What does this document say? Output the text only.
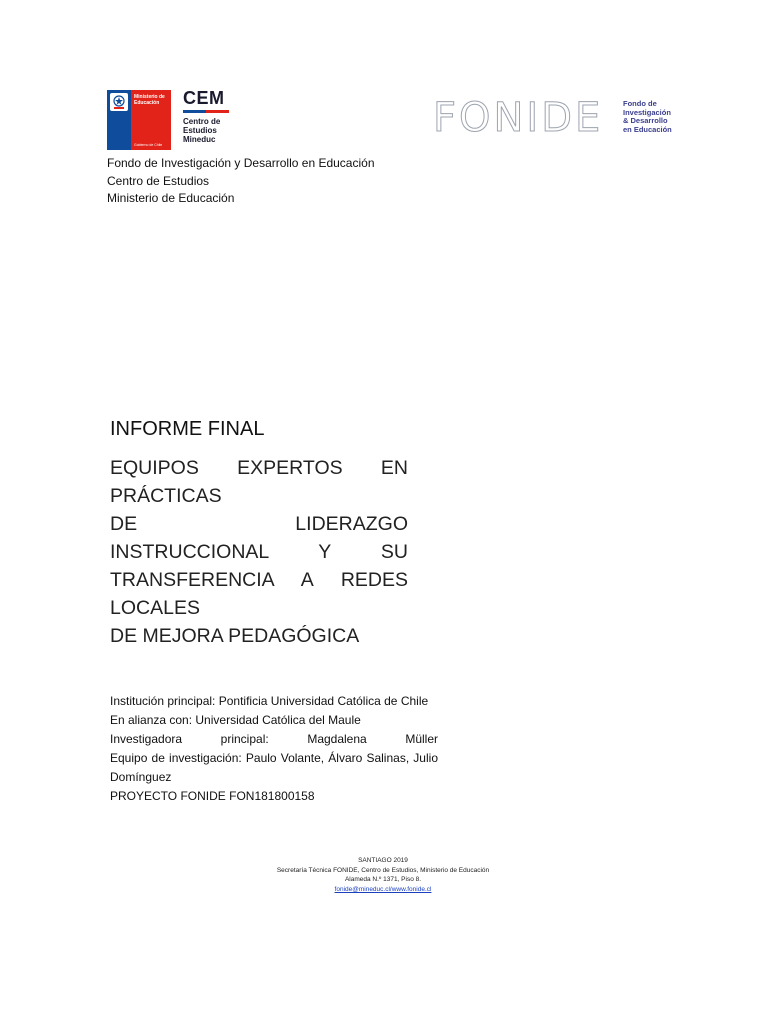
Ministerio de Educación
Gobierno de Chile
CEM
Centro de
Estudios
Mineduc	FONIDE	Fondo de
Investigación
& Desarrollo
en Educación
Fondo de Investigación y Desarrollo en Educación
Centro de Estudios
Ministerio de Educación
INFORME FINAL
EQUIPOS EXPERTOS EN PRÁCTICAS
DE LIDERAZGO INSTRUCCIONAL Y SU
TRANSFERENCIA A REDES LOCALES
DE MEJORA PEDAGÓGICA
Institución principal: Pontificia Universidad Católica de Chile
En alianza con: Universidad Católica del Maule
Investigadora principal: Magdalena Müller
Equipo de investigación: Paulo Volante, Álvaro Salinas, Julio
Domínguez
PROYECTO FONIDE FON181800158
SANTIAGO 2019
Secretaría Técnica FONIDE, Centro de Estudios, Ministerio de Educación
Alameda N.º 1371, Piso 8.
fonide@mineduc.cl/www.fonide.cl
